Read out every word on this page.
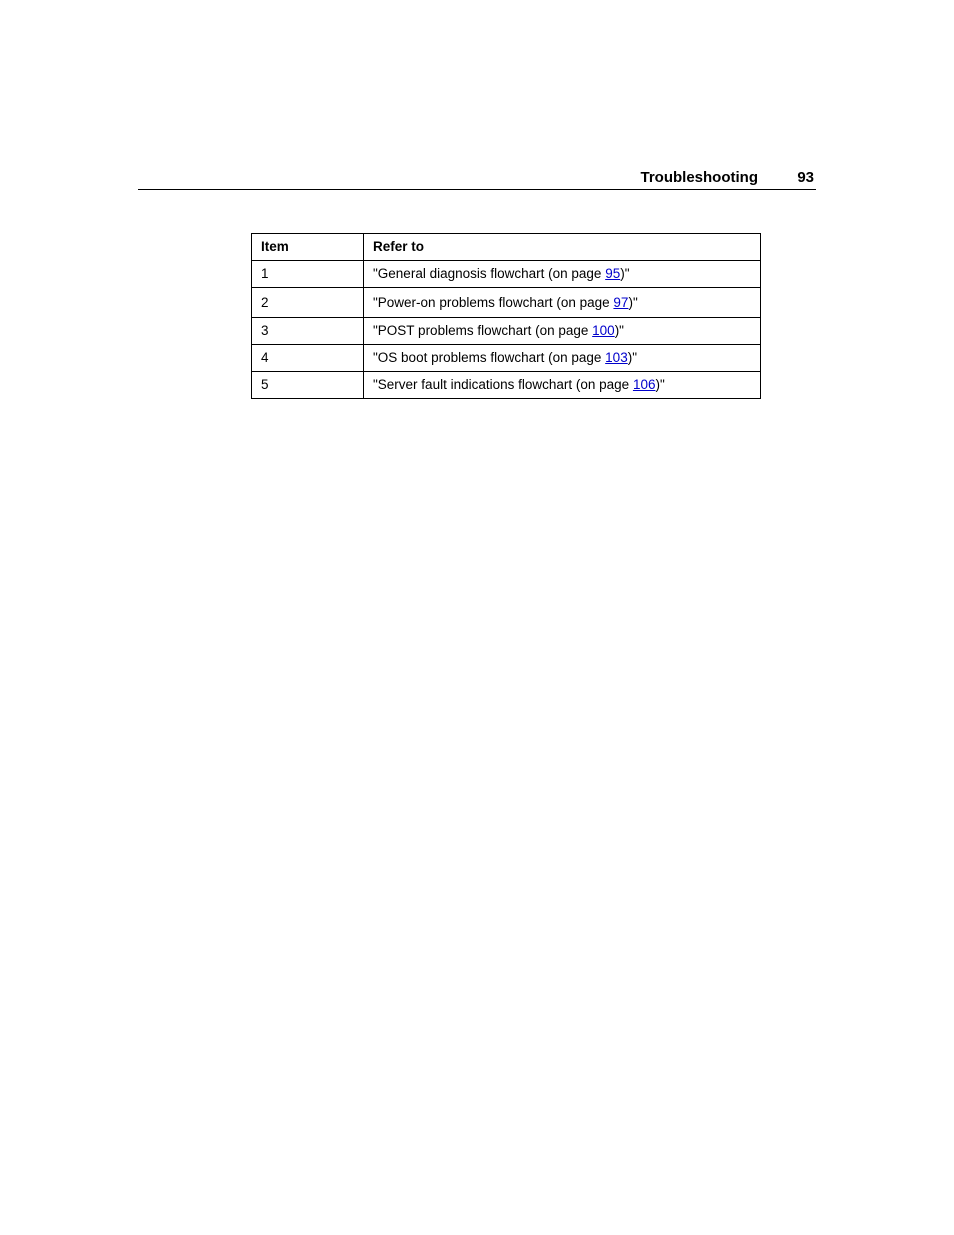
Troubleshooting	93
Item	Refer to
1	"General diagnosis flowchart (on page 95)"
2	"Power-on problems flowchart (on page 97)"
3	"POST problems flowchart (on page 100)"
4	"OS boot problems flowchart (on page 103)"
5	"Server fault indications flowchart (on page 106)"
